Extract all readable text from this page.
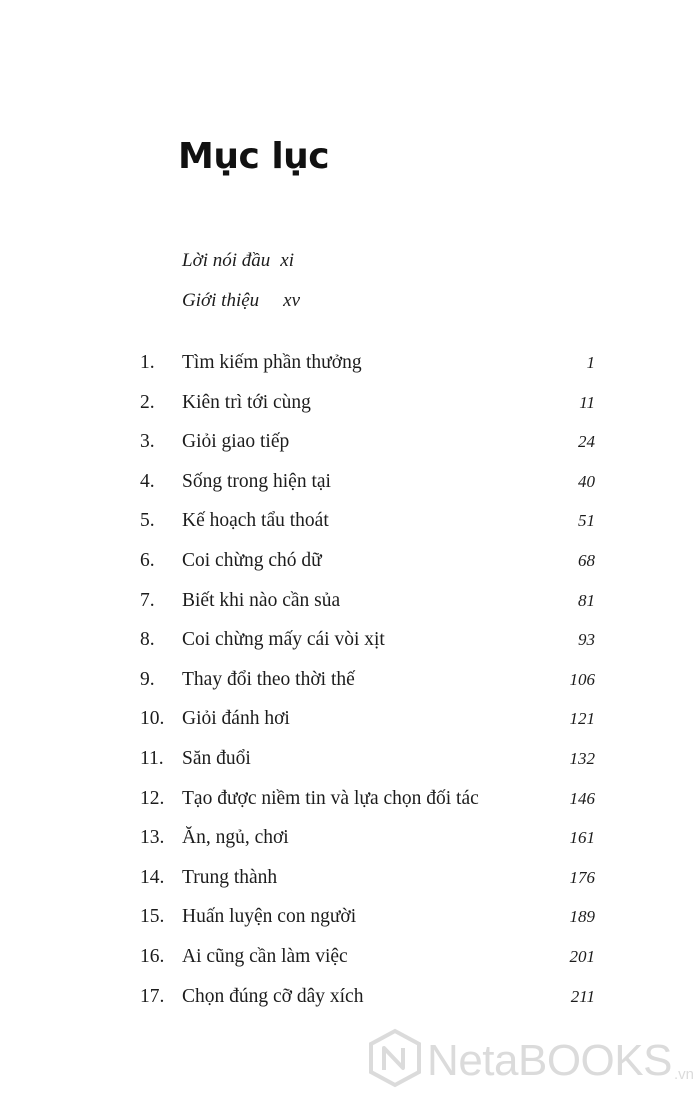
Mục lục
Lời nói đầu xi
Giới thiệu xv
1.	Tìm kiếm phần thưởng	1
2.	Kiên trì tới cùng	11
3.	Giỏi giao tiếp	24
4.	Sống trong hiện tại	40
5.	Kế hoạch tẩu thoát	51
6.	Coi chừng chó dữ	68
7.	Biết khi nào cần sủa	81
8.	Coi chừng mấy cái vòi xịt	93
9.	Thay đổi theo thời thế	106
10. Giỏi đánh hơi	121
11. Săn đuổi	132
12. Tạo được niềm tin và lựa chọn đối tác	146
13. Ăn, ngủ, chơi	161
14. Trung thành	176
15. Huấn luyện con người	189
16. Ai cũng cần làm việc	201
17. Chọn đúng cỡ dây xích	211
NetaBOOKS .vn
